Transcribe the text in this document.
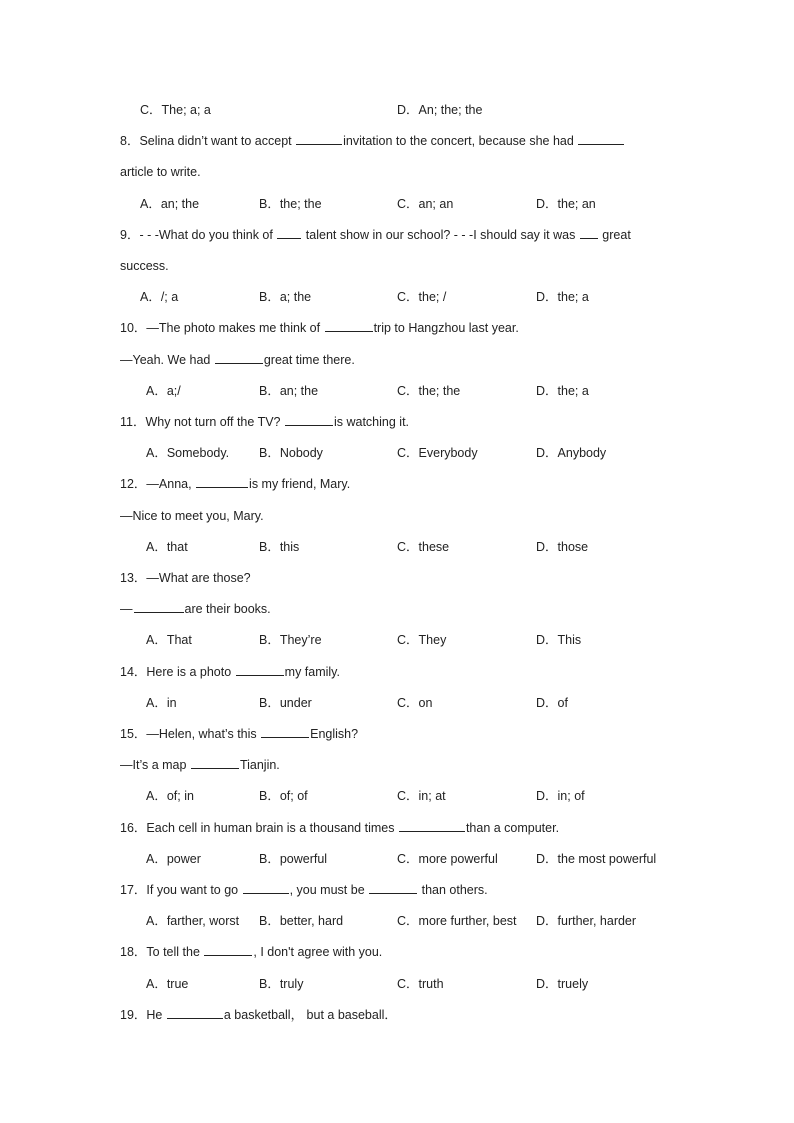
C．The; a; a	D．An; the; the
8．Selina didn’t want to accept	invitation to the concert, because she had
article to write.
A．an; the	B．the; the	C．an; an	D．the; an
9．- - -What do you think of  talent show in our school? - - -I should say it was  great
success.
A．/; a	B．a; the	C．the; /	D．the; a
10．—The photo makes me think of	trip to Hangzhou last year.
—Yeah. We had	great time there.
A．a;/	B．an; the	C．the; the	D．the; a
11．Why not turn off the TV?	is watching it.
A．Somebody. B．Nobody	C．Everybody	D．Anybody
12．—Anna,	is my friend, Mary.
—Nice to meet you, Mary.
A．that	B．this	C．these	D．those
13．—What are those?
—	are their books.
A．That	B．They’re	C．They	D．This
14．Here is a photo	my family.
A．in	B．under	C．on	D．of
15．—Helen, what’s this	English?
—It’s a map	Tianjin.
A．of; in	B．of; of	C．in; at	D．in; of
16．Each cell in human brain is a thousand times	than a computer.
A．power	B．powerful	C．more powerful	D．the most powerful
17．If you want to go	, you must be	than others.
A．farther, worst B．better, hard	C．more further, best D．further, harder
18．To tell the	, I don't agree with you.
A．true	B．truly	C．truth	D．truely
19．He	a basketball， but a baseball．
